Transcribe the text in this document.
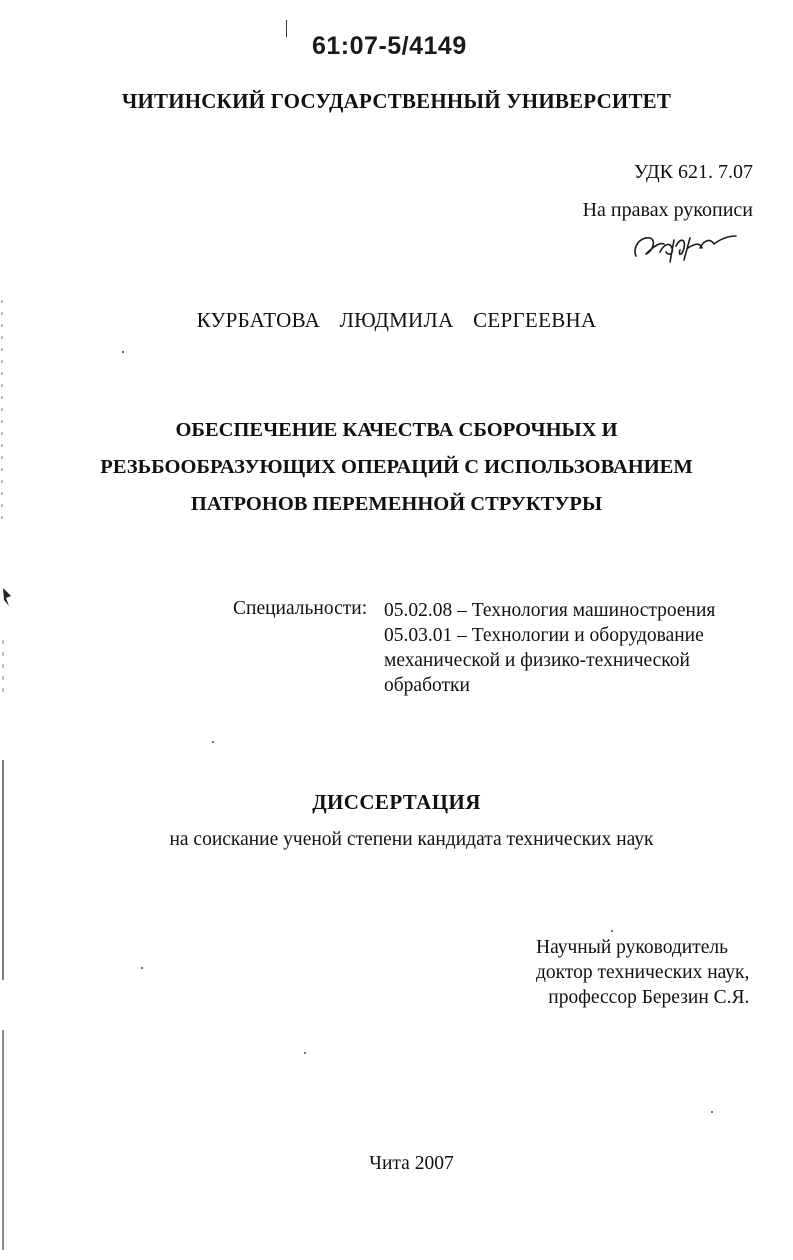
61:07-5/4149
ЧИТИНСКИЙ ГОСУДАРСТВЕННЫЙ УНИВЕРСИТЕТ
УДК 621. 7.07
На правах рукописи
КУРБАТОВА ЛЮДМИЛА СЕРГЕЕВНА
ОБЕСПЕЧЕНИЕ КАЧЕСТВА СБОРОЧНЫХ И
РЕЗЬБООБРАЗУЮЩИХ ОПЕРАЦИЙ С ИСПОЛЬЗОВАНИЕМ
ПАТРОНОВ ПЕРЕМЕННОЙ СТРУКТУРЫ
Специальности: 05.02.08 – Технология машиностроения
05.03.01 – Технологии и оборудование
механической и физико-технической
обработки
ДИССЕРТАЦИЯ
на соискание ученой степени кандидата технических наук
Научный руководитель
доктор технических наук,
профессор Березин С.Я.
Чита 2007
